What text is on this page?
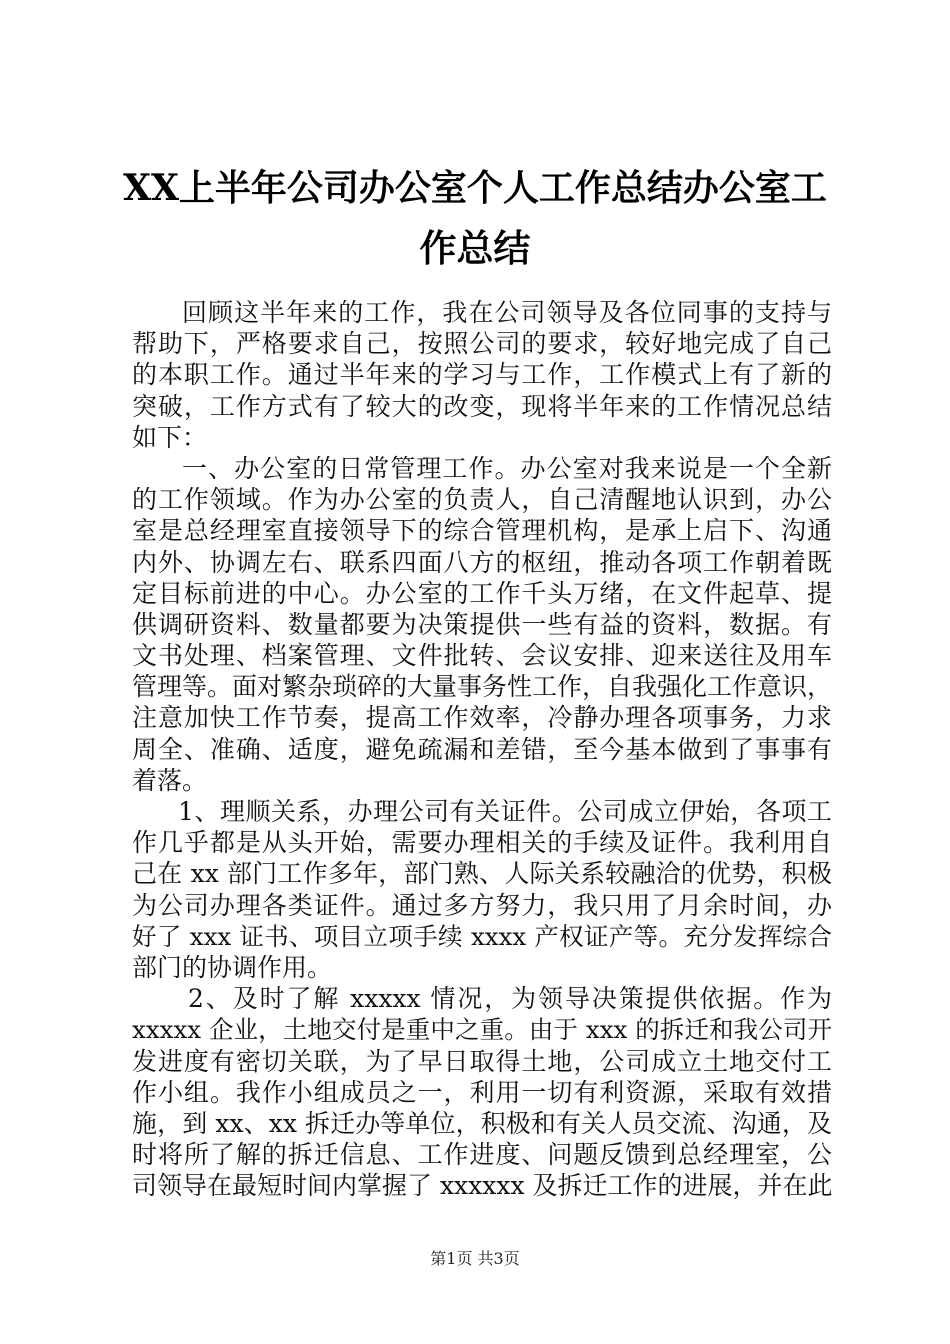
XX上半年公司办公室个人工作总结办公室工
作总结
回顾这半年来的工作，我在公司领导及各位同事的支持与
帮助下，严格要求自己，按照公司的要求，较好地完成了自己
的本职工作。通过半年来的学习与工作，工作模式上有了新的
突破，工作方式有了较大的改变，现将半年来的工作情况总结
如下：
一、办公室的日常管理工作。办公室对我来说是一个全新
的工作领域。作为办公室的负责人，自己清醒地认识到，办公
室是总经理室直接领导下的综合管理机构，是承上启下、沟通
内外、协调左右、联系四面八方的枢纽，推动各项工作朝着既
定目标前进的中心。办公室的工作千头万绪，在文件起草、提
供调研资料、数量都要为决策提供一些有益的资料，数据。有
文书处理、档案管理、文件批转、会议安排、迎来送往及用车
管理等。面对繁杂琐碎的大量事务性工作，自我强化工作意识，
注意加快工作节奏，提高工作效率，冷静办理各项事务，力求
周全、准确、适度，避免疏漏和差错，至今基本做到了事事有
着落。
1、理顺关系，办理公司有关证件。公司成立伊始，各项工
作几乎都是从头开始，需要办理相关的手续及证件。我利用自
己在 xx 部门工作多年，部门熟、人际关系较融洽的优势，积极
为公司办理各类证件。通过多方努力，我只用了月余时间，办
好了 xxx 证书、项目立项手续 xxxx 产权证产等。充分发挥综合
部门的协调作用。
2、及时了解 xxxxx 情况，为领导决策提供依据。作为
xxxxx 企业，土地交付是重中之重。由于 xxx 的拆迁和我公司开
发进度有密切关联，为了早日取得土地，公司成立土地交付工
作小组。我作小组成员之一，利用一切有利资源，采取有效措
施，到 xx、xx 拆迁办等单位，积极和有关人员交流、沟通，及
时将所了解的拆迁信息、工作进度、问题反馈到总经理室，公
司领导在最短时间内掌握了 xxxxxx 及拆迁工作的进展，并在此
第1页 共3页
